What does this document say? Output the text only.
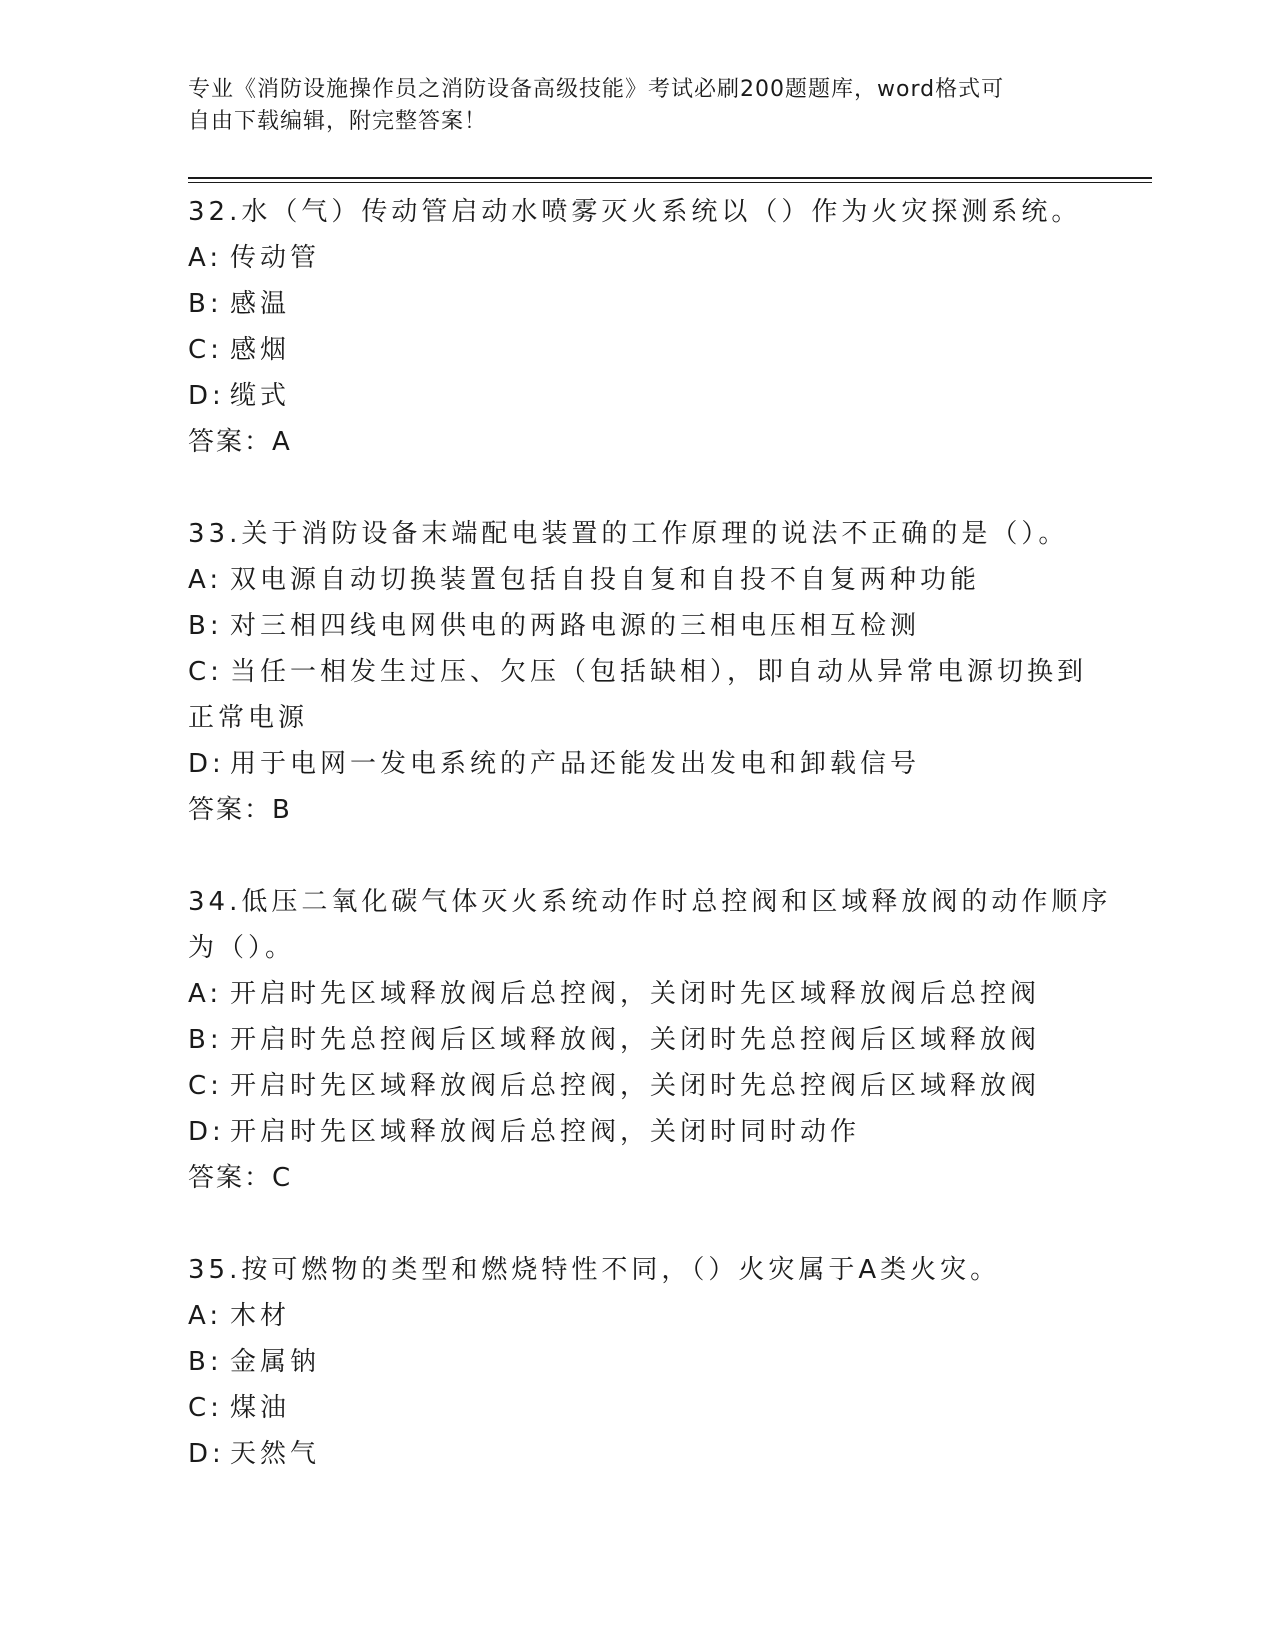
专业《消防设施操作员之消防设备高级技能》考试必刷200题题库，word格式可
自由下载编辑，附完整答案！
32.水（气）传动管启动水喷雾灭火系统以（）作为火灾探测系统。
A: 传动管
B: 感温
C: 感烟
D: 缆式
答案：A
33.关于消防设备末端配电装置的工作原理的说法不正确的是（）。
A: 双电源自动切换装置包括自投自复和自投不自复两种功能
B: 对三相四线电网供电的两路电源的三相电压相互检测
C: 当任一相发生过压、欠压（包括缺相），即自动从异常电源切换到
正常电源
D: 用于电网一发电系统的产品还能发出发电和卸载信号
答案：B
34.低压二氧化碳气体灭火系统动作时总控阀和区域释放阀的动作顺序
为（）。
A: 开启时先区域释放阀后总控阀，关闭时先区域释放阀后总控阀
B: 开启时先总控阀后区域释放阀，关闭时先总控阀后区域释放阀
C: 开启时先区域释放阀后总控阀，关闭时先总控阀后区域释放阀
D: 开启时先区域释放阀后总控阀，关闭时同时动作
答案：C
35.按可燃物的类型和燃烧特性不同，（）火灾属于A类火灾。
A: 木材
B: 金属钠
C: 煤油
D: 天然气
